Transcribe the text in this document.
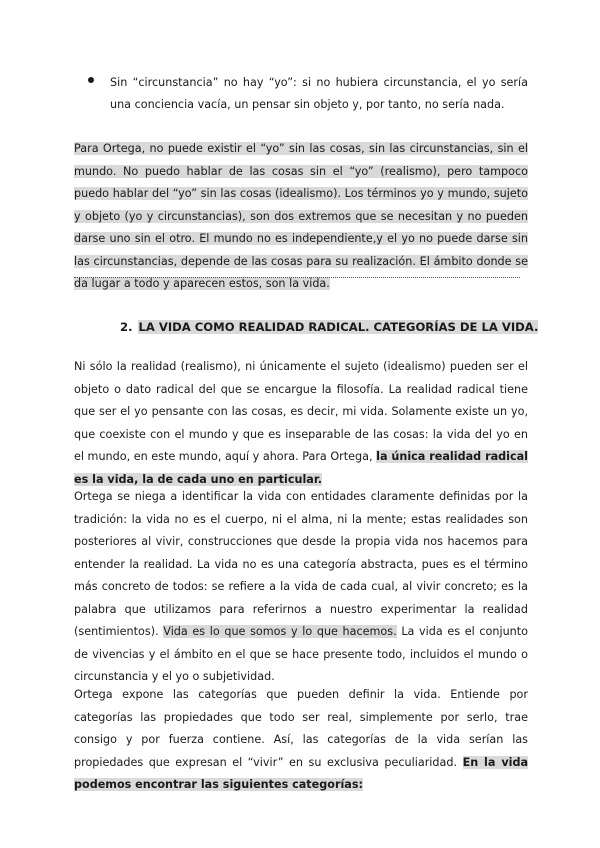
Sin “circunstancia” no hay “yo”: si no hubiera circunstancia, el yo sería una conciencia vacía, un pensar sin objeto y, por tanto, no sería nada.

Para Ortega, no puede existir el “yo” sin las cosas, sin las circunstancias, sin el mundo. No puedo hablar de las cosas sin el “yo” (realismo), pero tampoco puedo hablar del “yo” sin las cosas (idealismo). Los términos yo y mundo, sujeto y objeto (yo y circunstancias), son dos extremos que se necesitan y no pueden darse uno sin el otro. El mundo no es independiente,y el yo no puede darse sin las circunstancias, depende de las cosas para su realización. El ámbito donde se da lugar a todo y aparecen estos, son la vida.

2. LA VIDA COMO REALIDAD RADICAL. CATEGORÍAS DE LA VIDA.

Ni sólo la realidad (realismo), ni únicamente el sujeto (idealismo) pueden ser el objeto o dato radical del que se encargue la filosofía. La realidad radical tiene que ser el yo pensante con las cosas, es decir, mi vida. Solamente existe un yo, que coexiste con el mundo y que es inseparable de las cosas: la vida del yo en el mundo, en este mundo, aquí y ahora. Para Ortega, la única realidad radical es la vida, la de cada uno en particular.

Ortega se niega a identificar la vida con entidades claramente definidas por la tradición: la vida no es el cuerpo, ni el alma, ni la mente; estas realidades son posteriores al vivir, construcciones que desde la propia vida nos hacemos para entender la realidad. La vida no es una categoría abstracta, pues es el término más concreto de todos: se refiere a la vida de cada cual, al vivir concreto; es la palabra que utilizamos para referirnos a nuestro experimentar la realidad (sentimientos). Vida es lo que somos y lo que hacemos. La vida es el conjunto de vivencias y el ámbito en el que se hace presente todo, incluidos el mundo o circunstancia y el yo o subjetividad.

Ortega expone las categorías que pueden definir la vida. Entiende por categorías las propiedades que todo ser real, simplemente por serlo, trae consigo y por fuerza contiene. Así, las categorías de la vida serían las propiedades que expresan el “vivir” en su exclusiva peculiaridad. En la vida podemos encontrar las siguientes categorías:
